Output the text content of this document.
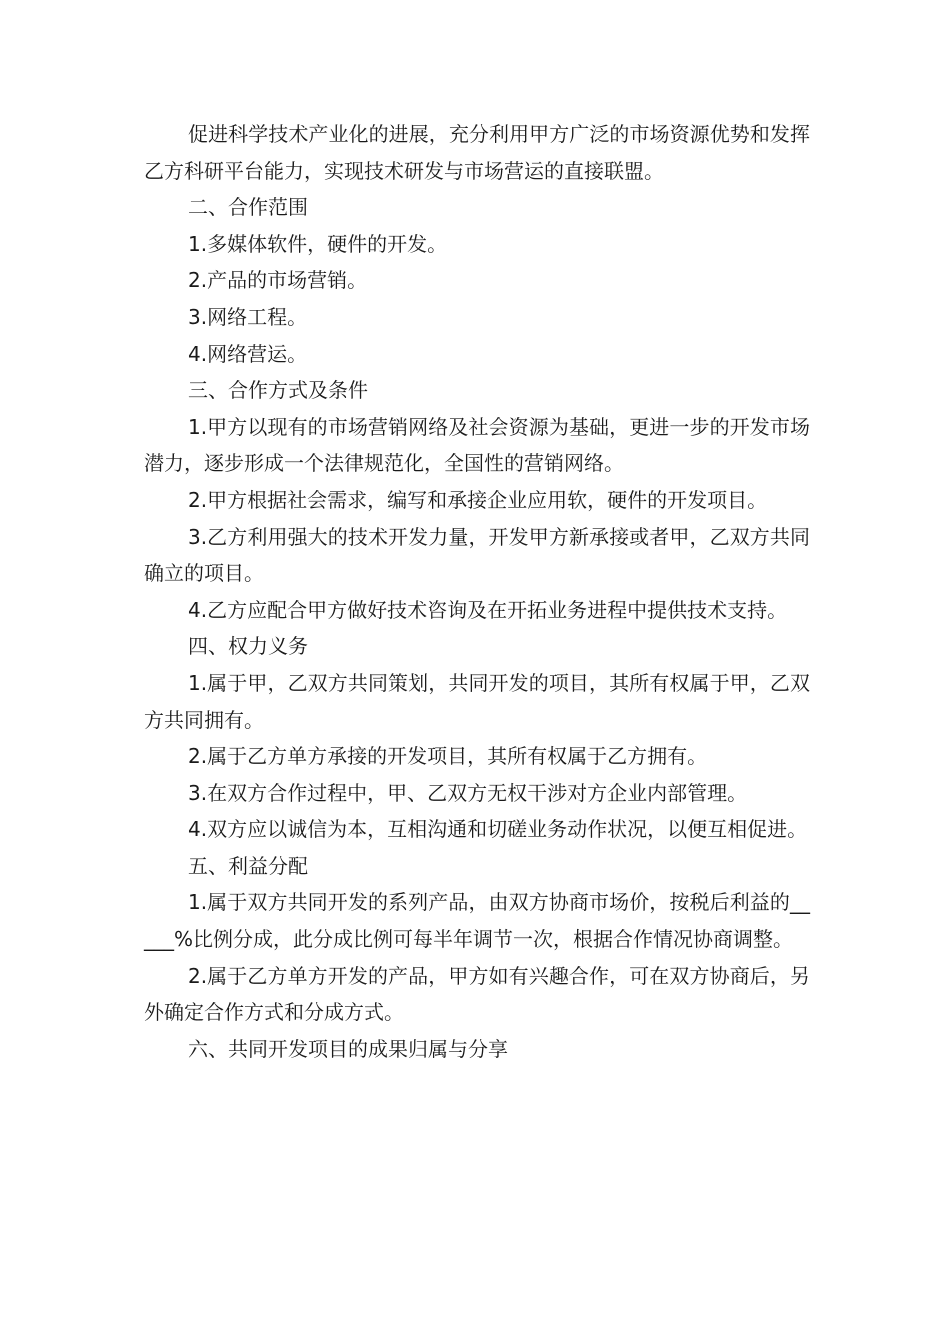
促进科学技术产业化的进展，充分利用甲方广泛的市场资源优势和发挥乙方科研平台能力，实现技术研发与市场营运的直接联盟。

二、合作范围

1.多媒体软件，硬件的开发。

2.产品的市场营销。

3.网络工程。

4.网络营运。

三、合作方式及条件

1.甲方以现有的市场营销网络及社会资源为基础，更进一步的开发市场潜力，逐步形成一个法律规范化，全国性的营销网络。

2.甲方根据社会需求，编写和承接企业应用软，硬件的开发项目。

3.乙方利用强大的技术开发力量，开发甲方新承接或者甲，乙双方共同确立的项目。

4.乙方应配合甲方做好技术咨询及在开拓业务进程中提供技术支持。

四、权力义务

1.属于甲，乙双方共同策划，共同开发的项目，其所有权属于甲，乙双方共同拥有。

2.属于乙方单方承接的开发项目，其所有权属于乙方拥有。

3.在双方合作过程中，甲、乙双方无权干涉对方企业内部管理。

4.双方应以诚信为本，互相沟通和切磋业务动作状况，以便互相促进。

五、利益分配

1.属于双方共同开发的系列产品，由双方协商市场价，按税后利益的_____%比例分成，此分成比例可每半年调节一次，根据合作情况协商调整。

2.属于乙方单方开发的产品，甲方如有兴趣合作，可在双方协商后，另外确定合作方式和分成方式。

六、共同开发项目的成果归属与分享
